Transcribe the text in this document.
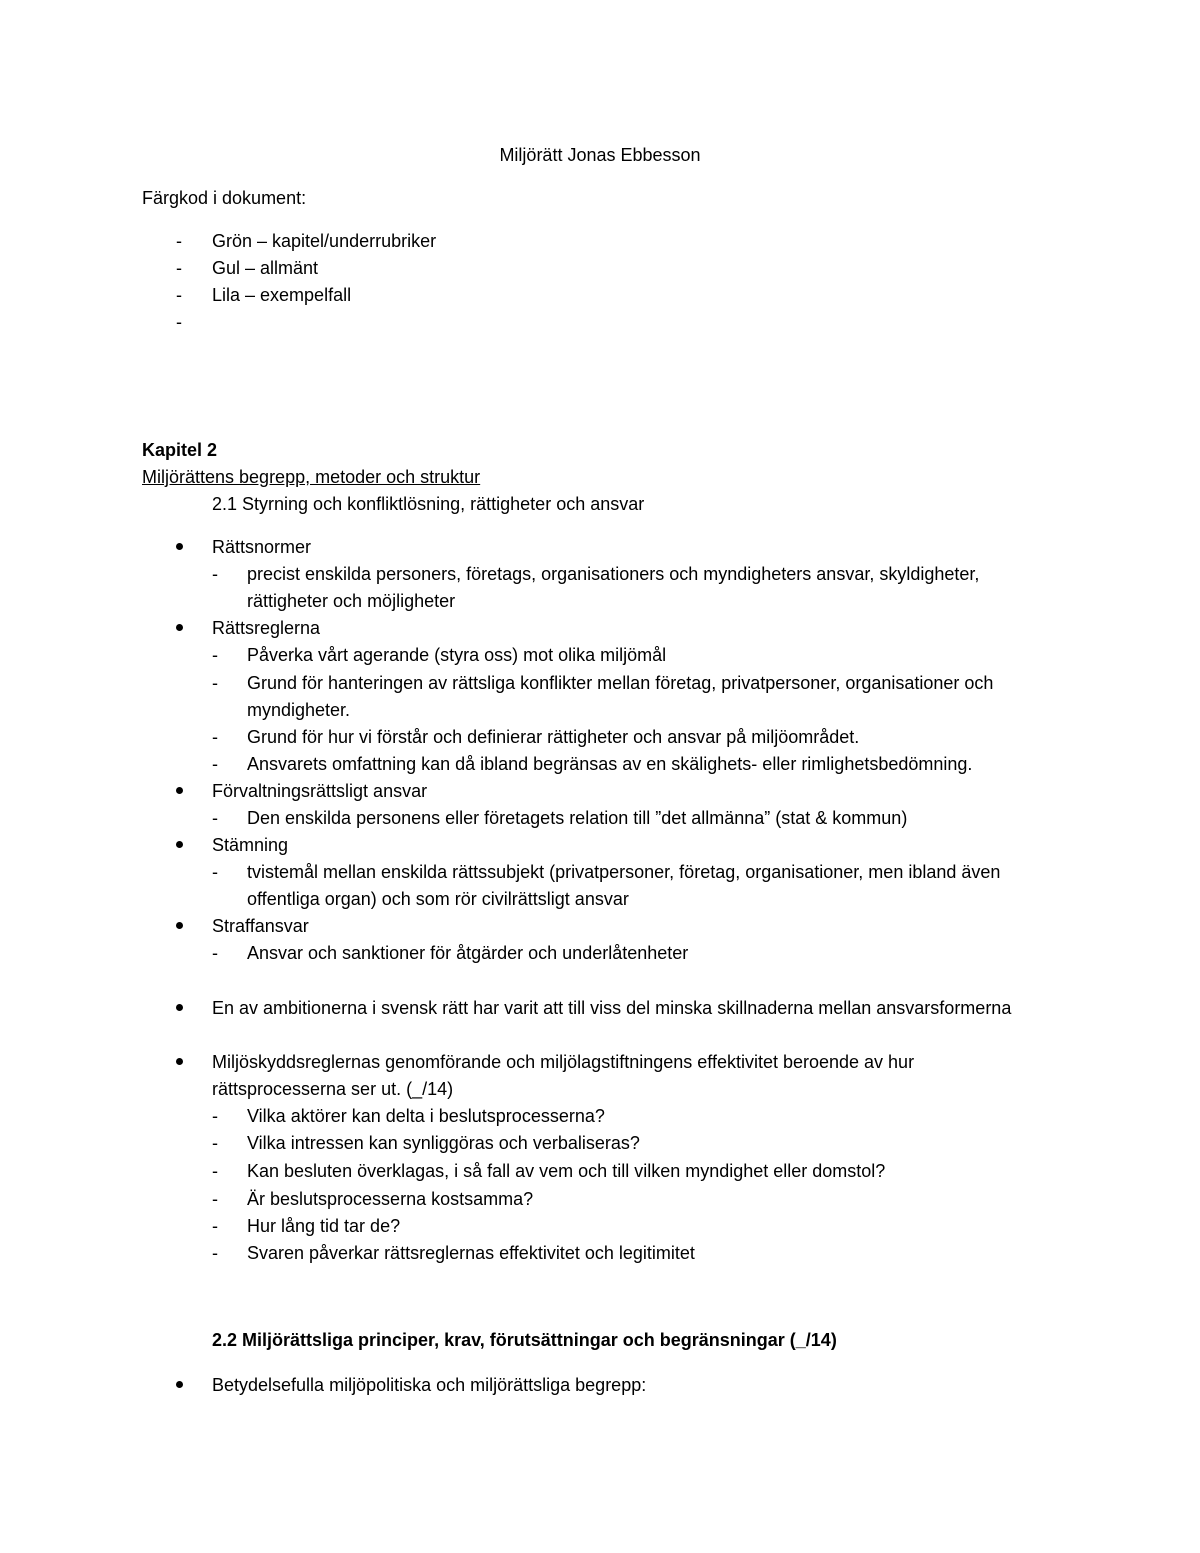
Miljörätt Jonas Ebbesson
Färgkod i dokument:
- Grön – kapitel/underrubriker
- Gul – allmänt
- Lila – exempelfall
-
Kapitel 2
Miljörättens begrepp, metoder och struktur
2.1 Styrning och konfliktlösning, rättigheter och ansvar
Rättsnormer
- precist enskilda personers, företags, organisationers och myndigheters ansvar, skyldigheter,
rättigheter och möjligheter
Rättsreglerna
- Påverka vårt agerande (styra oss) mot olika miljömål
- Grund för hanteringen av rättsliga konflikter mellan företag, privatpersoner, organisationer och
myndigheter.
- Grund för hur vi förstår och definierar rättigheter och ansvar på miljöområdet.
- Ansvarets omfattning kan då ibland begränsas av en skälighets- eller rimlighetsbedömning.
Förvaltningsrättsligt ansvar
- Den enskilda personens eller företagets relation till ”det allmänna” (stat & kommun)
Stämning
- tvistemål mellan enskilda rättssubjekt (privatpersoner, företag, organisationer, men ibland även
offentliga organ) och som rör civilrättsligt ansvar
Straffansvar
- Ansvar och sanktioner för åtgärder och underlåtenheter
En av ambitionerna i svensk rätt har varit att till viss del minska skillnaderna mellan ansvarsformerna
Miljöskyddsreglernas genomförande och miljölagstiftningens effektivitet beroende av hur
rättsprocesserna ser ut. (_/14)
- Vilka aktörer kan delta i beslutsprocesserna?
- Vilka intressen kan synliggöras och verbaliseras?
- Kan besluten överklagas, i så fall av vem och till vilken myndighet eller domstol?
- Är beslutsprocesserna kostsamma?
- Hur lång tid tar de?
- Svaren påverkar rättsreglernas effektivitet och legitimitet
2.2 Miljörättsliga principer, krav, förutsättningar och begränsningar (_/14)
Betydelsefulla miljöpolitiska och miljörättsliga begrepp:
